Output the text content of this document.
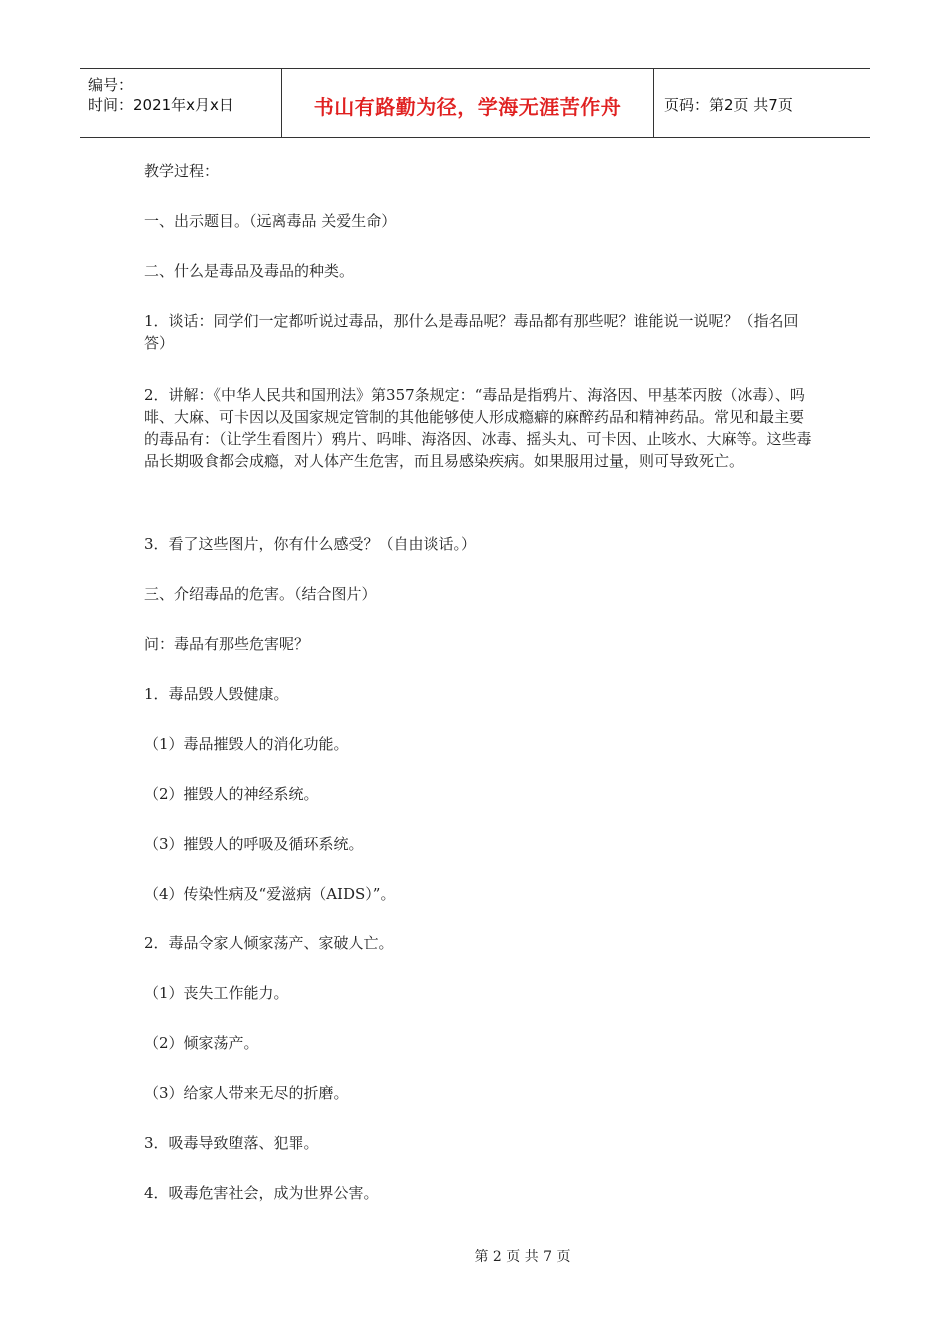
编号：
时间：2021年x月x日	书山有路勤为径，学海无涯苦作舟	页码：第2页 共7页

教学过程：

一、出示题目。（远离毒品 关爱生命）

二、什么是毒品及毒品的种类。

1．谈话：同学们一定都听说过毒品，那什么是毒品呢？毒品都有那些呢？谁能说一说呢？（指名回答）

2．讲解：《中华人民共和国刑法》第357条规定：“毒品是指鸦片、海洛因、甲基苯丙胺（冰毒）、吗啡、大麻、可卡因以及国家规定管制的其他能够使人形成瘾癖的麻醉药品和精神药品。常见和最主要的毒品有：（让学生看图片）鸦片、吗啡、海洛因、冰毒、摇头丸、可卡因、止咳水、大麻等。这些毒品长期吸食都会成瘾，对人体产生危害，而且易感染疾病。如果服用过量，则可导致死亡。

3．看了这些图片，你有什么感受？（自由谈话。）

三、介绍毒品的危害。（结合图片）

问：毒品有那些危害呢？

1．毒品毁人毁健康。

（1）毒品摧毁人的消化功能。

（2）摧毁人的神经系统。

（3）摧毁人的呼吸及循环系统。

（4）传染性病及“爱滋病（AIDS）”。

2．毒品令家人倾家荡产、家破人亡。

（1）丧失工作能力。

（2）倾家荡产。

（3）给家人带来无尽的折磨。

3．吸毒导致堕落、犯罪。

4．吸毒危害社会，成为世界公害。

第 2 页 共 7 页
